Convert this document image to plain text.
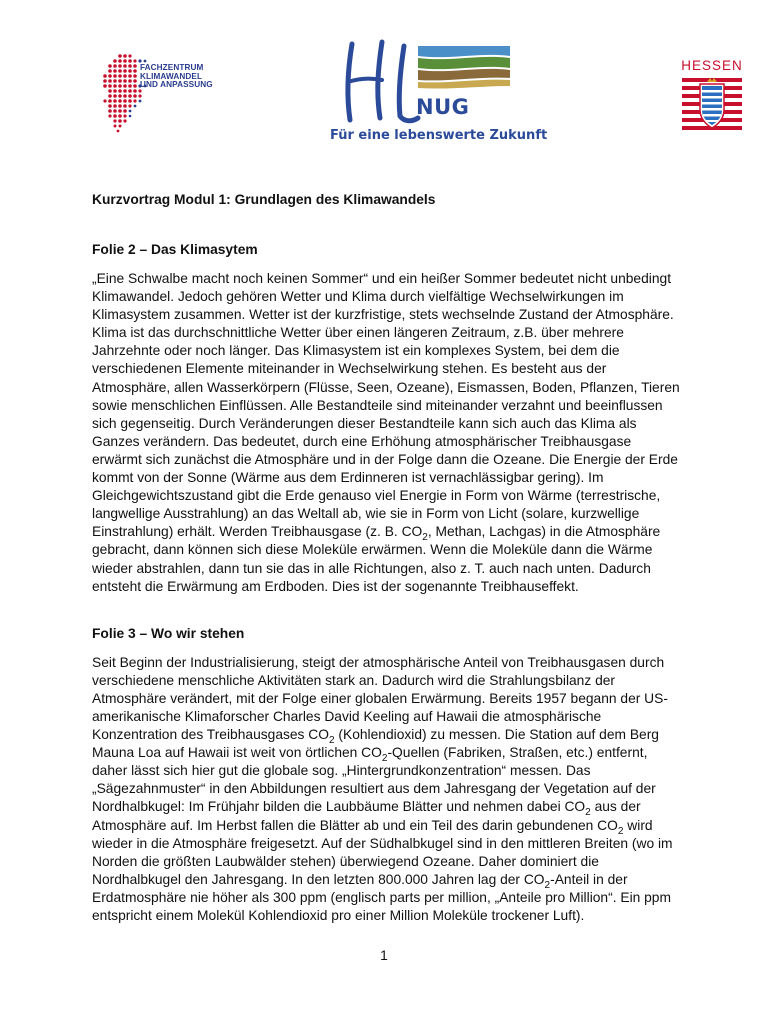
FACHZENTRUM
KLIMAWANDEL
UND ANPASSUNG
NUG
Für eine lebenswerte Zukunft
HESSEN

Kurzvortrag Modul 1: Grundlagen des Klimawandels

Folie 2 – Das Klimasytem

„Eine Schwalbe macht noch keinen Sommer“ und ein heißer Sommer bedeutet nicht unbedingt Klimawandel. Jedoch gehören Wetter und Klima durch vielfältige Wechselwirkungen im Klimasystem zusammen. Wetter ist der kurzfristige, stets wechselnde Zustand der Atmosphäre. Klima ist das durchschnittliche Wetter über einen längeren Zeitraum, z.B. über mehrere Jahrzehnte oder noch länger. Das Klimasystem ist ein komplexes System, bei dem die verschiedenen Elemente miteinander in Wechselwirkung stehen. Es besteht aus der Atmosphäre, allen Wasserkörpern (Flüsse, Seen, Ozeane), Eismassen, Boden, Pflanzen, Tieren sowie menschlichen Einflüssen. Alle Bestandteile sind miteinander verzahnt und beeinflussen sich gegenseitig. Durch Veränderungen dieser Bestandteile kann sich auch das Klima als Ganzes verändern. Das bedeutet, durch eine Erhöhung atmosphärischer Treibhausgase erwärmt sich zunächst die Atmosphäre und in der Folge dann die Ozeane. Die Energie der Erde kommt von der Sonne (Wärme aus dem Erdinneren ist vernachlässigbar gering). Im Gleichgewichtszustand gibt die Erde genauso viel Energie in Form von Wärme (terrestrische, langwellige Ausstrahlung) an das Weltall ab, wie sie in Form von Licht (solare, kurzwellige Einstrahlung) erhält. Werden Treibhausgase (z. B. $CO_2$, Methan, Lachgas) in die Atmosphäre gebracht, dann können sich diese Moleküle erwärmen. Wenn die Moleküle dann die Wärme wieder abstrahlen, dann tun sie das in alle Richtungen, also z. T. auch nach unten. Dadurch entsteht die Erwärmung am Erdboden. Dies ist der sogenannte Treibhauseffekt.

Folie 3 – Wo wir stehen

Seit Beginn der Industrialisierung, steigt der atmosphärische Anteil von Treibhausgasen durch verschiedene menschliche Aktivitäten stark an. Dadurch wird die Strahlungsbilanz der Atmosphäre verändert, mit der Folge einer globalen Erwärmung. Bereits 1957 begann der US-amerikanische Klimaforscher Charles David Keeling auf Hawaii die atmosphärische Konzentration des Treibhausgases $CO_2$ (Kohlendioxid) zu messen. Die Station auf dem Berg Mauna Loa auf Hawaii ist weit von örtlichen $CO_2$-Quellen (Fabriken, Straßen, etc.) entfernt, daher lässt sich hier gut die globale sog. „Hintergrundkonzentration“ messen. Das „Sägezahnmuster“ in den Abbildungen resultiert aus dem Jahresgang der Vegetation auf der Nordhalbkugel: Im Frühjahr bilden die Laubbäume Blätter und nehmen dabei $CO_2$ aus der Atmosphäre auf. Im Herbst fallen die Blätter ab und ein Teil des darin gebundenen $CO_2$ wird wieder in die Atmosphäre freigesetzt. Auf der Südhalbkugel sind in den mittleren Breiten (wo im Norden die größten Laubwälder stehen) überwiegend Ozeane. Daher dominiert die Nordhalbkugel den Jahresgang. In den letzten 800.000 Jahren lag der $CO_2$-Anteil in der Erdatmosphäre nie höher als 300 ppm (englisch parts per million, „Anteile pro Million“. Ein ppm entspricht einem Molekül Kohlendioxid pro einer Million Moleküle trockener Luft).

1
